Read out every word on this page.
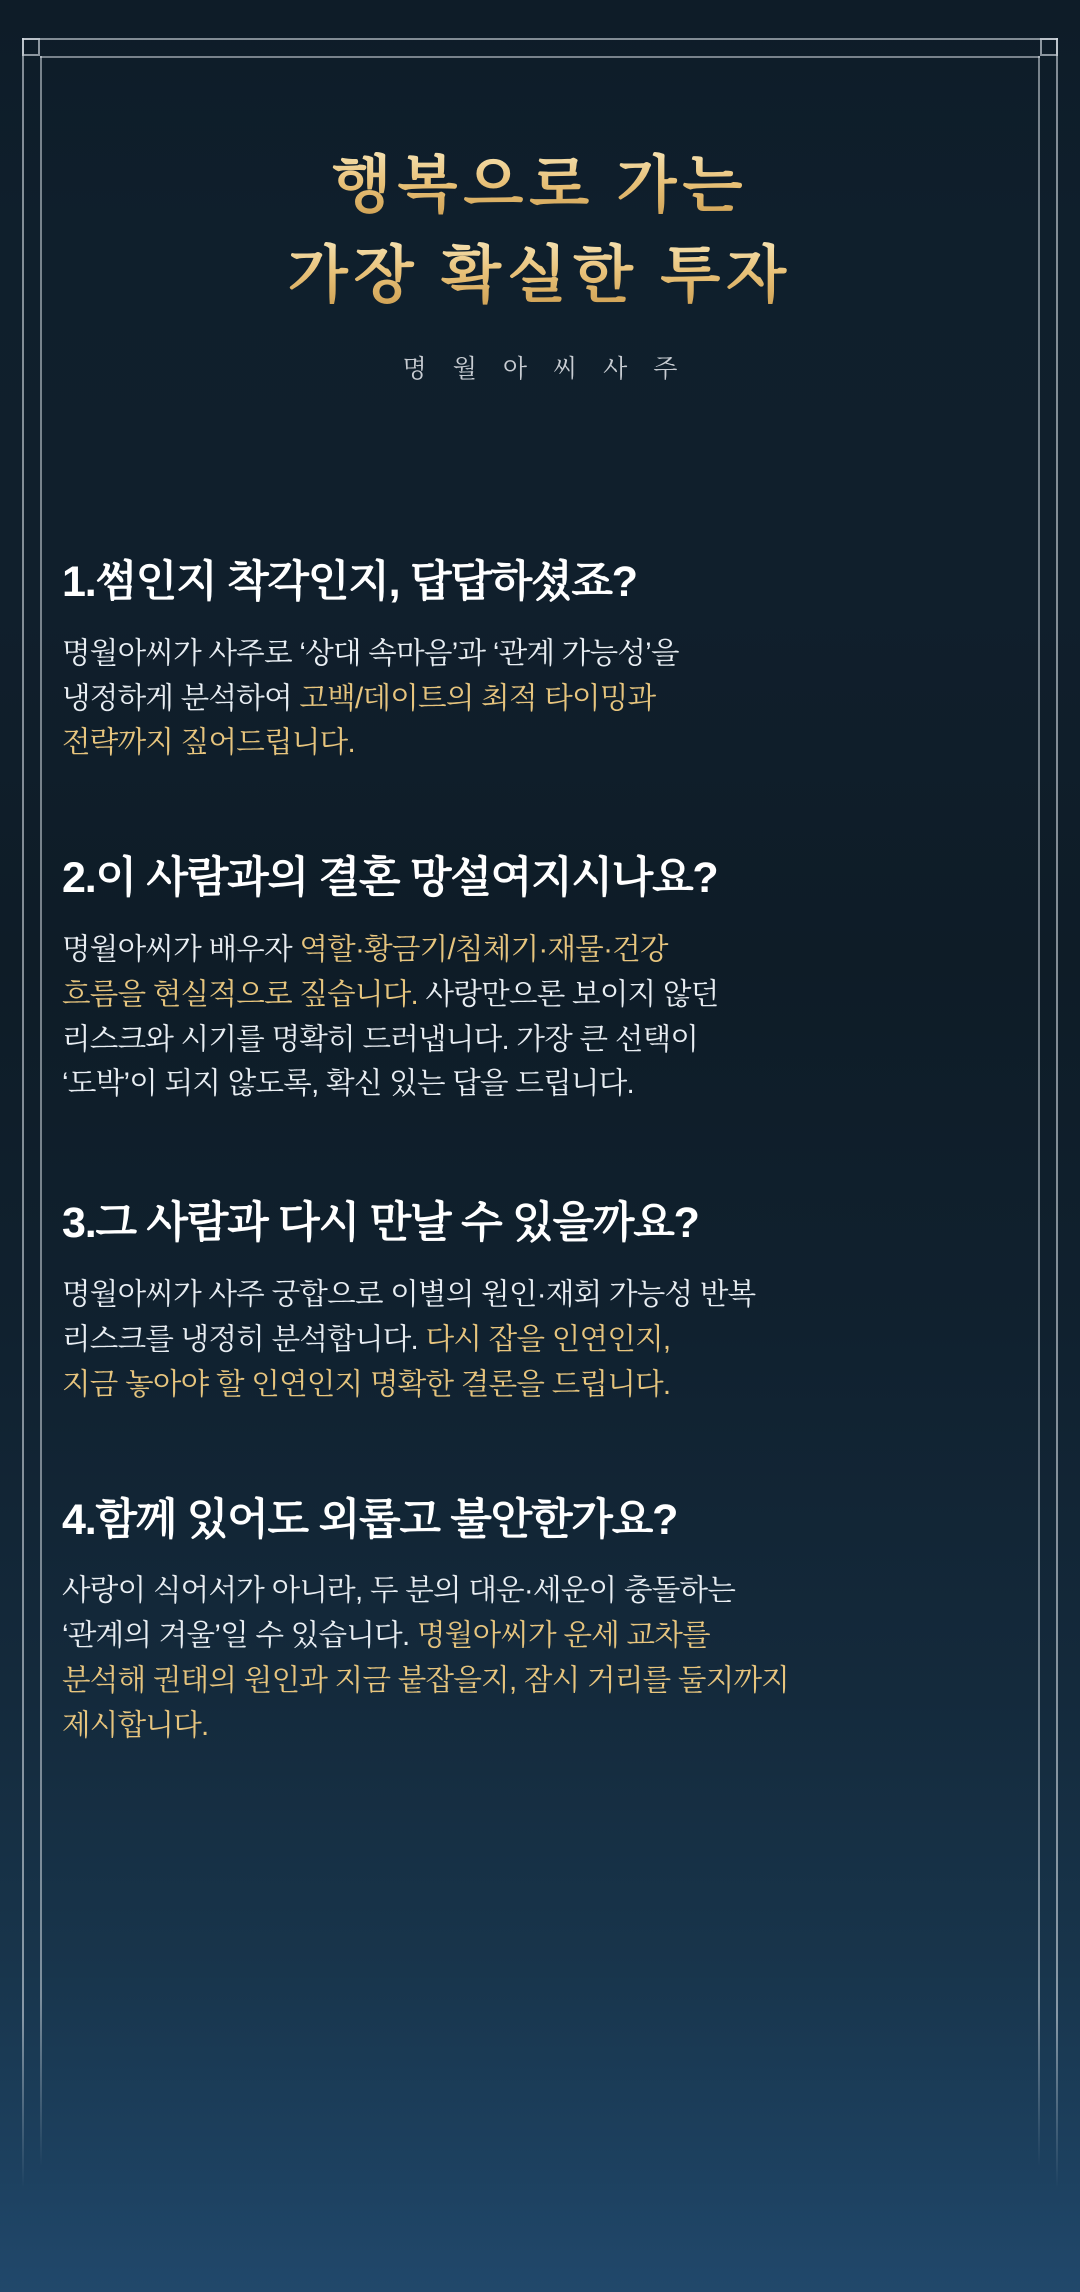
행복으로 가는
가장 확실한 투자
명월아씨사주
1.썸인지 착각인지, 답답하셨죠?

명월아씨가 사주로 ‘상대 속마음’과 ‘관계 가능성’을
냉정하게 분석하여 고백/데이트의 최적 타이밍과
전략까지 짚어드립니다.

2.이 사람과의 결혼 망설여지시나요?

명월아씨가 배우자 역할·황금기/침체기·재물·건강
흐름을 현실적으로 짚습니다. 사랑만으론 보이지 않던
리스크와 시기를 명확히 드러냅니다. 가장 큰 선택이
‘도박’이 되지 않도록, 확신 있는 답을 드립니다.

3.그 사람과 다시 만날 수 있을까요?

명월아씨가 사주 궁합으로 이별의 원인·재회 가능성 반복
리스크를 냉정히 분석합니다. 다시 잡을 인연인지,
지금 놓아야 할 인연인지 명확한 결론을 드립니다.

4.함께 있어도 외롭고 불안한가요?

사랑이 식어서가 아니라, 두 분의 대운·세운이 충돌하는
‘관계의 겨울’일 수 있습니다. 명월아씨가 운세 교차를
분석해 권태의 원인과 지금 붙잡을지, 잠시 거리를 둘지까지
제시합니다.
